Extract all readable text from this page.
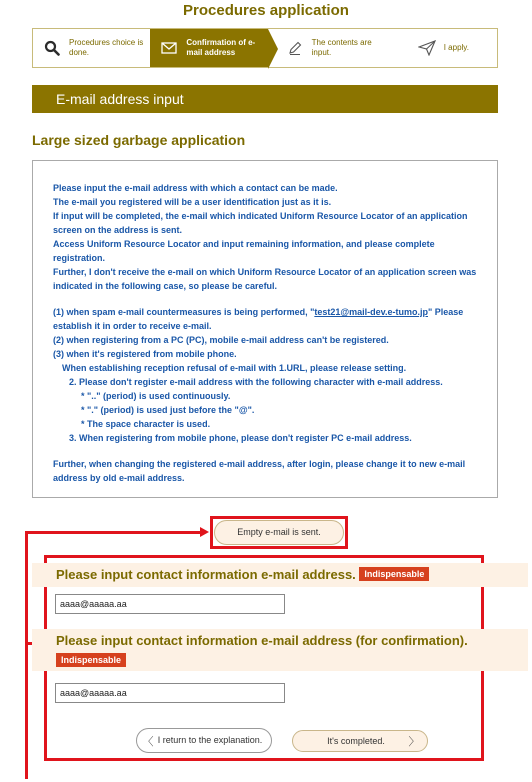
Procedures application
Procedures choice is done.
Confirmation of e-mail address
The contents are input.
I apply.
E-mail address input
Large sized garbage application

Please input the e-mail address with which a contact can be made.

The e-mail you registered will be a user identification just as it is.

If input will be completed, the e-mail which indicated Uniform Resource Locator of an application screen on the address is sent.

Access Uniform Resource Locator and input remaining information, and please complete registration.

Further, I don't receive the e-mail on which Uniform Resource Locator of an application screen was indicated in the following case, so please be careful.

(1) when spam e-mail countermeasures is being performed, "test21@mail-dev.e-tumo.jp" Please establish it in order to receive e-mail.

(2) when registering from a PC (PC), mobile e-mail address can't be registered.

(3) when it's registered from mobile phone.

When establishing reception refusal of e-mail with 1.URL, please release setting.

2. Please don't register e-mail address with the following character with e-mail address.

* ".." (period) is used continuously.

* "." (period) is used just before the "@".

* The space character is used.

3. When registering from mobile phone, please don't register PC e-mail address.

Further, when changing the registered e-mail address, after login, please change it to new e-mail address by old e-mail address.

Empty e-mail is sent.
Please input contact information e-mail address. Indispensable
aaaa@aaaaa.aa
Please input contact information e-mail address (for confirmation).
Indispensable
aaaa@aaaaa.aa
〈 I return to the explanation.	It's completed.	〉
